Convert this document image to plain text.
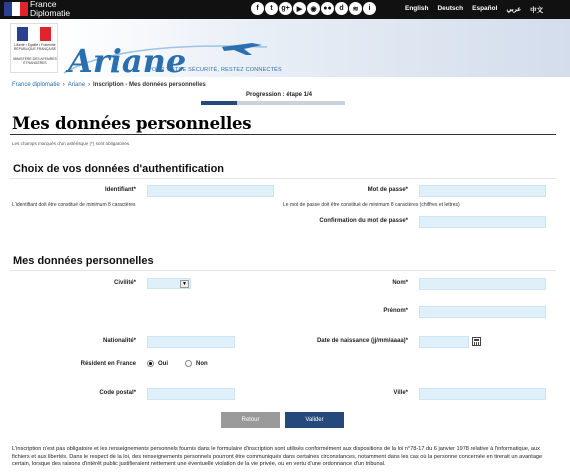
France
Diplomatie	f	t	g+	▶	◉ ●●	d	≋	i	English Deutsch Español عربي 中文
Liberté • Égalité • Fraternité RÉPUBLIQUE FRANÇAISE
MINISTÈRE DES AFFAIRES ÉTRANGÈRES Ariane
POUR VOTRE SÉCURITÉ, RESTEZ CONNECTÉS
France diplomatie › Ariane › Inscription - Mes données personnelles
Progression : étape 1/4
Mes données personnelles
Les champs marqués d'un astérisque (*) sont obligatoires.
Choix de vos données d'authentification
Identifiant*
L'identifiant doit être constitué de minimum 8 caractères
Mot de passe*
Le mot de passe doit être constitué de minimum 8 caractères (chiffres et lettres)
Confirmation du mot de passe*
Mes données personnelles
Civilité*	▼	Nom*
Prénom*
Nationalité*	Date de naissance (jj/mm/aaaa)*
Résident en France	Oui	Non
Code postal*	Ville*
Retour	Valider
L'inscription n'est pas obligatoire et les renseignements personnels fournis dans le formulaire d'inscription sont utilisés conformément aux dispositions de la loi n°78-17 du 6 janvier 1978 relative à l'informatique, aux fichiers et aux libertés. Dans le respect de la loi, des renseignements personnels pourront être communiqués dans certaines circonstances, notamment dans les cas où la personne concernée en tirerait un avantage certain, lorsque des raisons d'intérêt public justifieraient nettement une éventuelle violation de la vie privée, ou en vertu d'une ordonnance d'un tribunal.
